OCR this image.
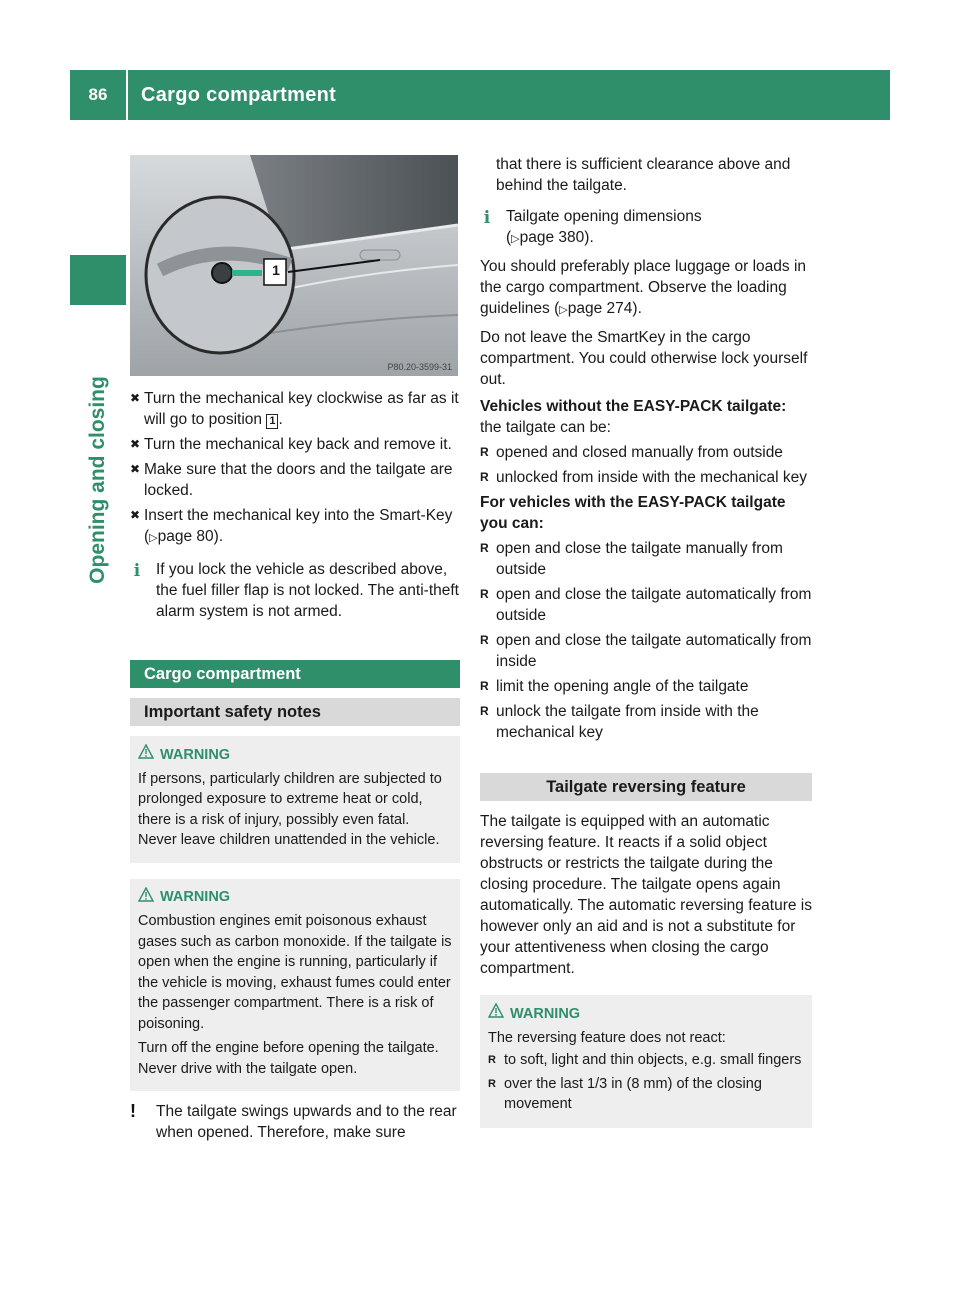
86	Cargo compartment
Opening and closing
1
P80.20-3599-31
✖ Turn the mechanical key clockwise as far as it will go to position 1 .
✖ Turn the mechanical key back and remove it.
✖ Make sure that the doors and the tailgate are locked.
✖ Insert the mechanical key into the Smart-Key (▷page 80).
i If you lock the vehicle as described above, the fuel filler flap is not locked. The anti-theft alarm system is not armed.
Cargo compartment
Important safety notes
WARNING

If persons, particularly children are subjected to prolonged exposure to extreme heat or cold, there is a risk of injury, possibly even fatal. Never leave children unattended in the vehicle.

WARNING

Combustion engines emit poisonous exhaust gases such as carbon monoxide. If the tailgate is open when the engine is running, particularly if the vehicle is moving, exhaust fumes could enter the passenger compartment. There is a risk of poisoning.

Turn off the engine before opening the tailgate. Never drive with the tailgate open.

! The tailgate swings upwards and to the rear when opened. Therefore, make sure
that there is sufficient clearance above and behind the tailgate.
i Tailgate opening dimensions
(▷page 380).

You should preferably place luggage or loads in the cargo compartment. Observe the loading guidelines (▷page 274).

Do not leave the SmartKey in the cargo compartment. You could otherwise lock yourself out.

Vehicles without the EASY-PACK tailgate:

the tailgate can be:

R opened and closed manually from outside
R unlocked from inside with the mechanical key

For vehicles with the EASY-PACK tailgate you can:

R open and close the tailgate manually from outside
R open and close the tailgate automatically from outside
R open and close the tailgate automatically from inside
R limit the opening angle of the tailgate
R unlock the tailgate from inside with the mechanical key
Tailgate reversing feature

The tailgate is equipped with an automatic reversing feature. It reacts if a solid object obstructs or restricts the tailgate during the closing procedure. The tailgate opens again automatically. The automatic reversing feature is however only an aid and is not a substitute for your attentiveness when closing the cargo compartment.

WARNING

The reversing feature does not react:

R to soft, light and thin objects, e.g. small fingers
R over the last 1/3 in (8 mm) of the closing movement
